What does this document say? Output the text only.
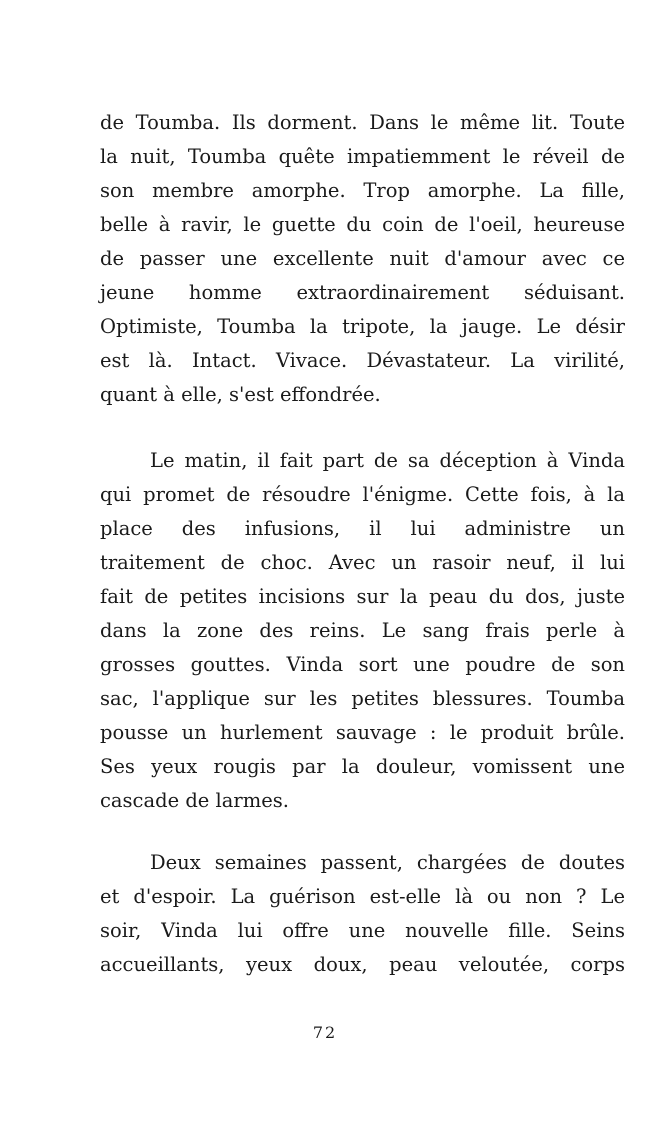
de Toumba. Ils dorment. Dans le même lit. Toute
la nuit, Toumba quête impatiemment le réveil de
son membre amorphe. Trop amorphe. La fille,
belle à ravir, le guette du coin de l'oeil, heureuse
de passer une excellente nuit d'amour avec ce
jeune homme extraordinairement séduisant.
Optimiste, Toumba la tripote, la jauge. Le désir
est là. Intact. Vivace. Dévastateur. La virilité,
quant à elle, s'est effondrée.
Le matin, il fait part de sa déception à Vinda
qui promet de résoudre l'énigme. Cette fois, à la
place des infusions, il lui administre un
traitement de choc. Avec un rasoir neuf, il lui
fait de petites incisions sur la peau du dos, juste
dans la zone des reins. Le sang frais perle à
grosses gouttes. Vinda sort une poudre de son
sac, l'applique sur les petites blessures. Toumba
pousse un hurlement sauvage : le produit brûle.
Ses yeux rougis par la douleur, vomissent une
cascade de larmes.
Deux semaines passent, chargées de doutes
et d'espoir. La guérison est-elle là ou non ? Le
soir, Vinda lui offre une nouvelle fille. Seins
accueillants, yeux doux, peau veloutée, corps
72
